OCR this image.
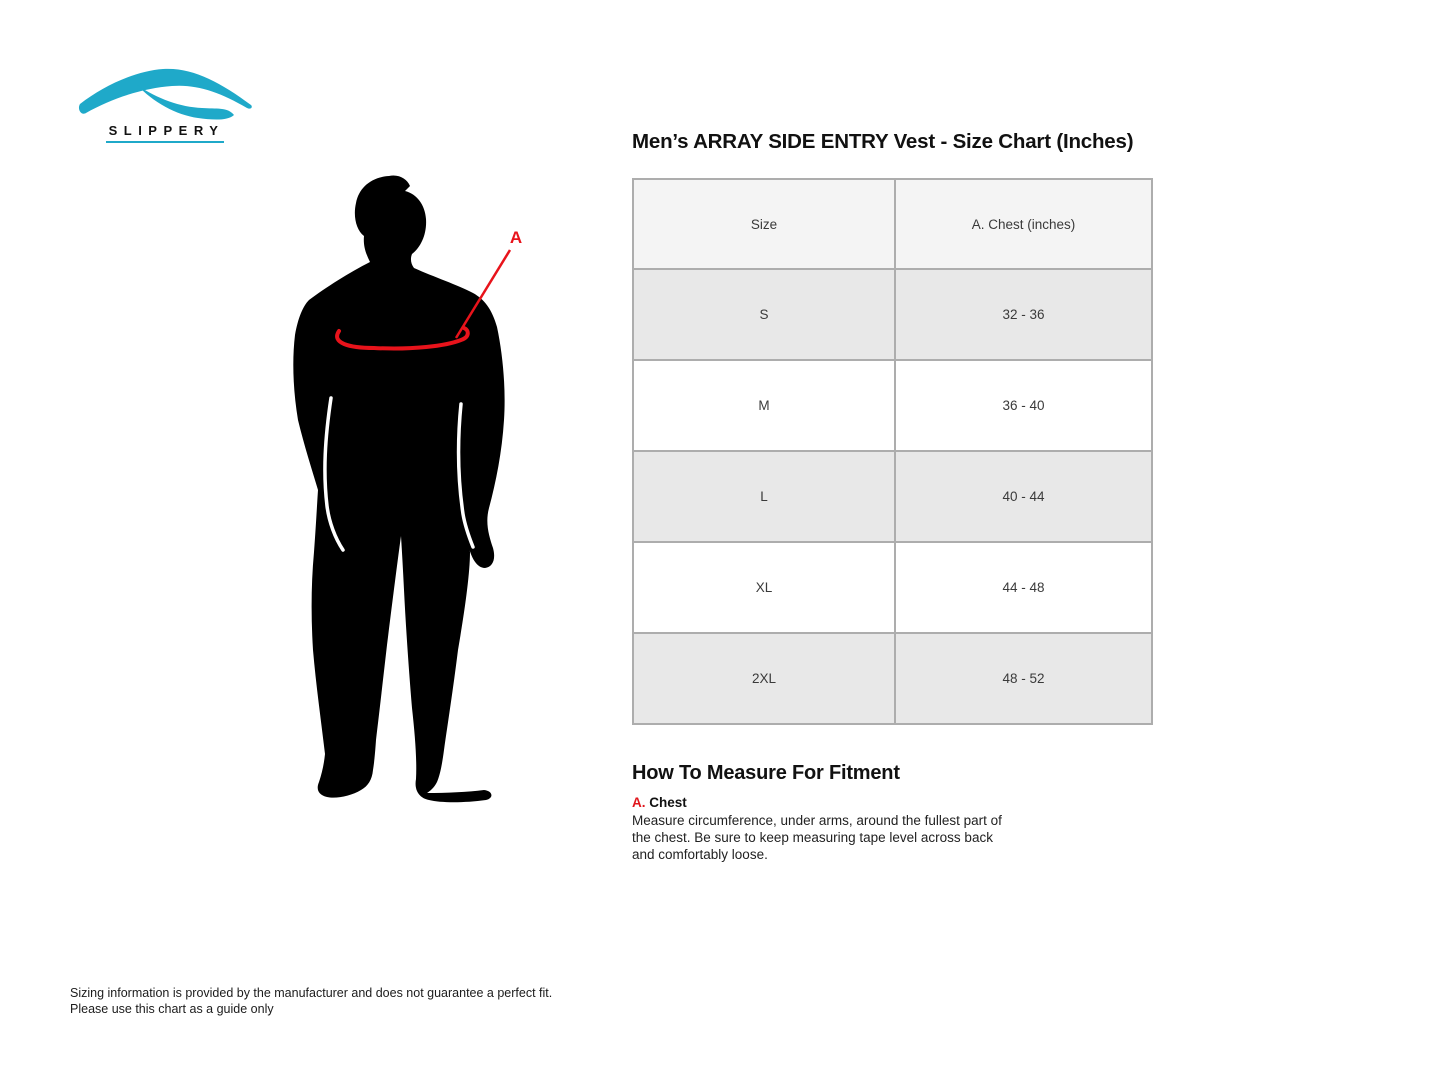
SLIPPERY
A
Men’s ARRAY SIDE ENTRY Vest - Size Chart (Inches)
Size	A. Chest (inches)
S	32 - 36
M	36 - 40
L	40 - 44
XL	44 - 48
2XL	48 - 52
How To Measure For Fitment

A. Chest

Measure circumference, under arms, around the fullest part of the chest. Be sure to keep measuring tape level across back and comfortably loose.

Sizing information is provided by the manufacturer and does not guarantee a perfect fit.
Please use this chart as a guide only
